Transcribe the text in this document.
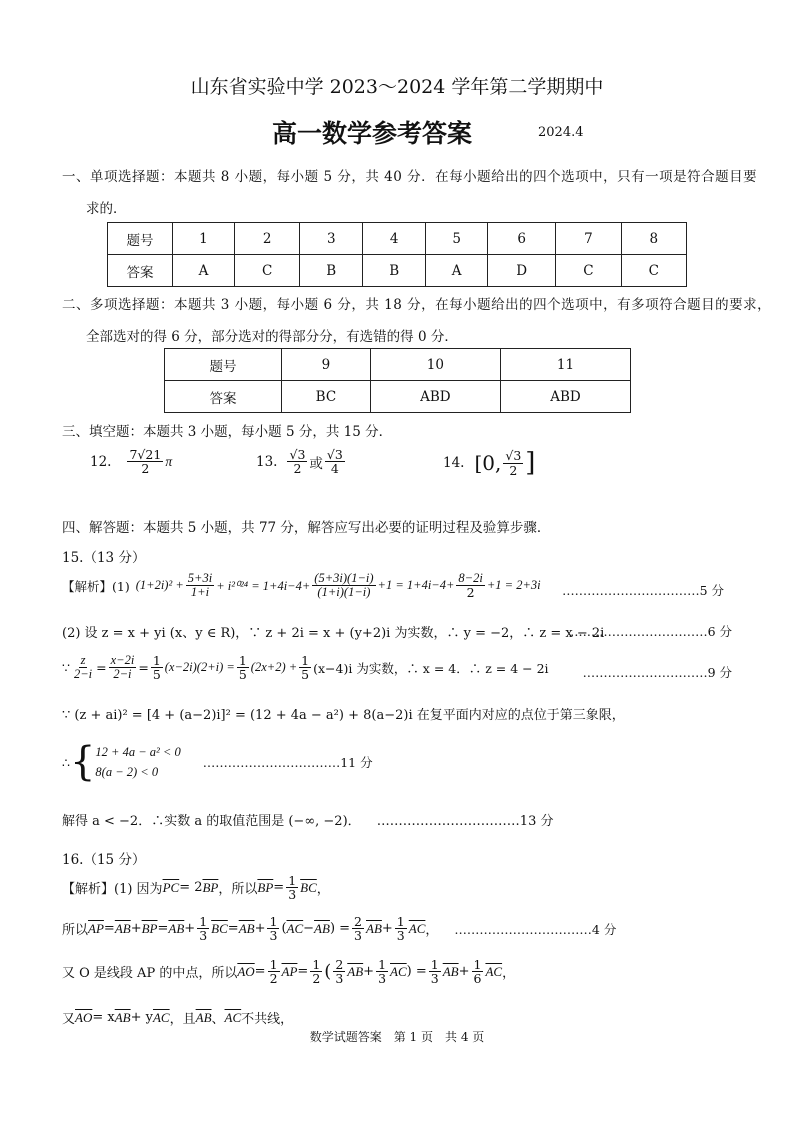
山东省实验中学 2023～2024 学年第二学期期中
高一数学参考答案	2024.4
一、单项选择题：本题共 8 小题，每小题 5 分，共 40 分．在每小题给出的四个选项中，只有一项是符合题目要
求的．
题号	1	2	3	4	5	6	7	8
答案	A	C	B	B	A	D	C	C
二、多项选择题：本题共 3 小题，每小题 6 分，共 18 分，在每小题给出的四个选项中，有多项符合题目的要求，
全部选对的得 6 分，部分选对的得部分分，有选错的得 0 分．
题号	9	10	11
答案	BC	ABD	ABD
三、填空题：本题共 3 小题，每小题 5 分，共 15 分．
12. $\frac{7√21}{2}$ π	13. $\frac{√3}{2}$ 或 $\frac{√3}{4}$	14. [0, $\frac{√3}{2}$ ]
四、解答题：本题共 5 小题，共 77 分，解答应写出必要的证明过程及验算步骤．
15.（13 分）
【解析】(1) $(1+2i)^2 + \frac{5+3i}{1+i} + i^{2024} = 1+4i-4+ \frac{(5+3i)(1-i)}{(1+i)(1-i)} +1 = 1+4i-4+ \frac{8-2i}{2} +1 = 2+3i$ ……………………………5 分
(2) 设 z = x + yi (x、y ∈ R)，∵ z + 2i = x + (y+2)i 为实数，∴ y = −2，∴ z = x − 2i
……………………………6 分
∵ $\frac{z}{2-i} = \frac{x-2i}{2-i} = \frac{1}{5} (x-2i)(2+i) = \frac{1}{5} (2x+2) + \frac{1}{5} (x-4)i$ 为实数，∴ x = 4．∴ z = 4 − 2i	…………………………9 分
∵ (z + ai)² = [4 + (a−2)i]² = (12 + 4a − a²) + 8(a−2)i 在复平面内对应的点位于第三象限，
∴ { 12 + 4a − a² < 0
8(a − 2) < 0
……………………………11 分
解得 a < −2．∴实数 a 的取值范围是 (−∞, −2)． ……………………………13 分
16.（15 分）
【解析】(1) 因为 $\overline{PC} = 2$ $\overline{BP}$ ，所以 $\overline{BP} = \frac{1}{3} \overline{BC}$ ，
所以 $\overline{AP} = \overline{AB} + \overline{BP} = \overline{AB} + \frac{1}{3} \overline{BC} = \overline{AB} + \frac{1}{3}$ ( $\overline{AC} - \overline{AB}$ ) = $\frac{2}{3} \overline{AB} + \frac{1}{3} \overline{AC}$ ， ……………………………4 分
又 O 是线段 AP 的中点，所以 $\overline{AO} = \frac{1}{2} \overline{AP} = \frac{1}{2}$ ( $\frac{2}{3} \overline{AB} + \frac{1}{3} \overline{AC}$ ) = $\frac{1}{3} \overline{AB} + \frac{1}{6} \overline{AC}$ ，
又 $\overline{AO} = x$ $\overline{AB} + y$ $\overline{AC}$ ，且 $\overline{AB}$ 、 $\overline{AC}$ 不共线，
数学试题答案　第 1 页　共 4 页
